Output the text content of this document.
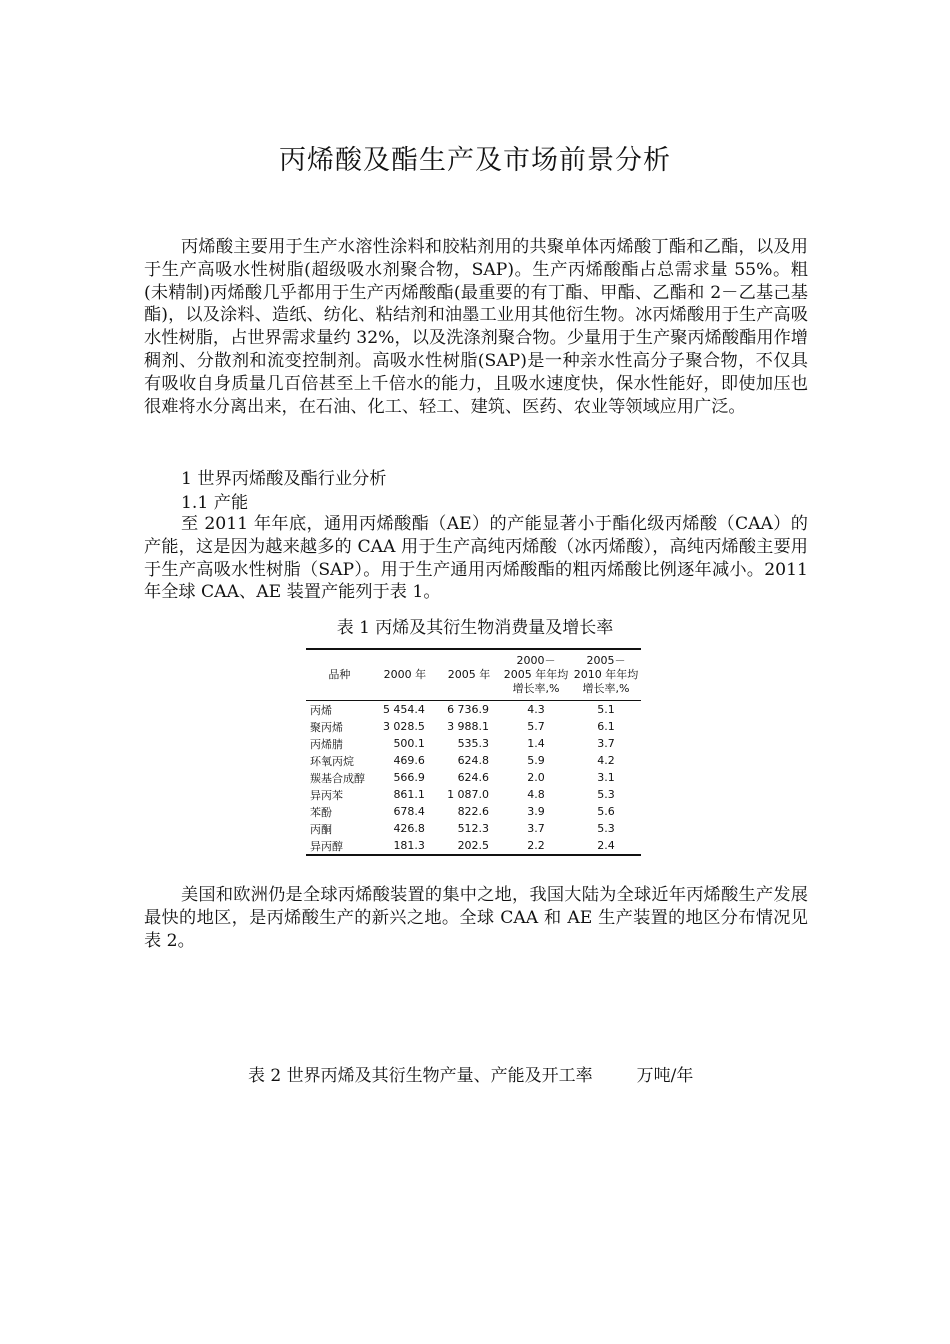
丙烯酸及酯生产及市场前景分析

丙烯酸主要用于生产水溶性涂料和胶粘剂用的共聚单体丙烯酸丁酯和乙酯，以及用于生产高吸水性树脂(超级吸水剂聚合物，SAP)。生产丙烯酸酯占总需求量 55%。粗(未精制)丙烯酸几乎都用于生产丙烯酸酯(最重要的有丁酯、甲酯、乙酯和 2－乙基己基酯)，以及涂料、造纸、纺化、粘结剂和油墨工业用其他衍生物。冰丙烯酸用于生产高吸水性树脂，占世界需求量约 32%，以及洗涤剂聚合物。少量用于生产聚丙烯酸酯用作增稠剂、分散剂和流变控制剂。高吸水性树脂(SAP)是一种亲水性高分子聚合物，不仅具有吸收自身质量几百倍甚至上千倍水的能力，且吸水速度快，保水性能好，即使加压也很难将水分离出来，在石油、化工、轻工、建筑、医药、农业等领域应用广泛。

1 世界丙烯酸及酯行业分析
1.1 产能

至 2011 年年底，通用丙烯酸酯（AE）的产能显著小于酯化级丙烯酸（CAA）的产能，这是因为越来越多的 CAA 用于生产高纯丙烯酸（冰丙烯酸），高纯丙烯酸主要用于生产高吸水性树脂（SAP）。用于生产通用丙烯酸酯的粗丙烯酸比例逐年减小。2011 年全球 CAA、AE 装置产能列于表 1。

表 1 丙烯及其衍生物消费量及增长率
品种	2000 年	2005 年	2000－2005 年年均增长率,%	2005－2010 年年均增长率,%
丙烯	5 454.4	6 736.9	4.3	5.1
聚丙烯	3 028.5	3 988.1	5.7	6.1
丙烯腈	500.1	535.3	1.4	3.7
环氧丙烷	469.6	624.8	5.9	4.2
羰基合成醇	566.9	624.6	2.0	3.1
异丙苯	861.1	1 087.0	4.8	5.3
苯酚	678.4	822.6	3.9	5.6
丙酮	426.8	512.3	3.7	5.3
异丙醇	181.3	202.5	2.2	2.4

美国和欧洲仍是全球丙烯酸装置的集中之地，我国大陆为全球近年丙烯酸生产发展最快的地区，是丙烯酸生产的新兴之地。全球 CAA 和 AE 生产装置的地区分布情况见表 2。

表 2 世界丙烯及其衍生物产量、产能及开工率	万吨/年
